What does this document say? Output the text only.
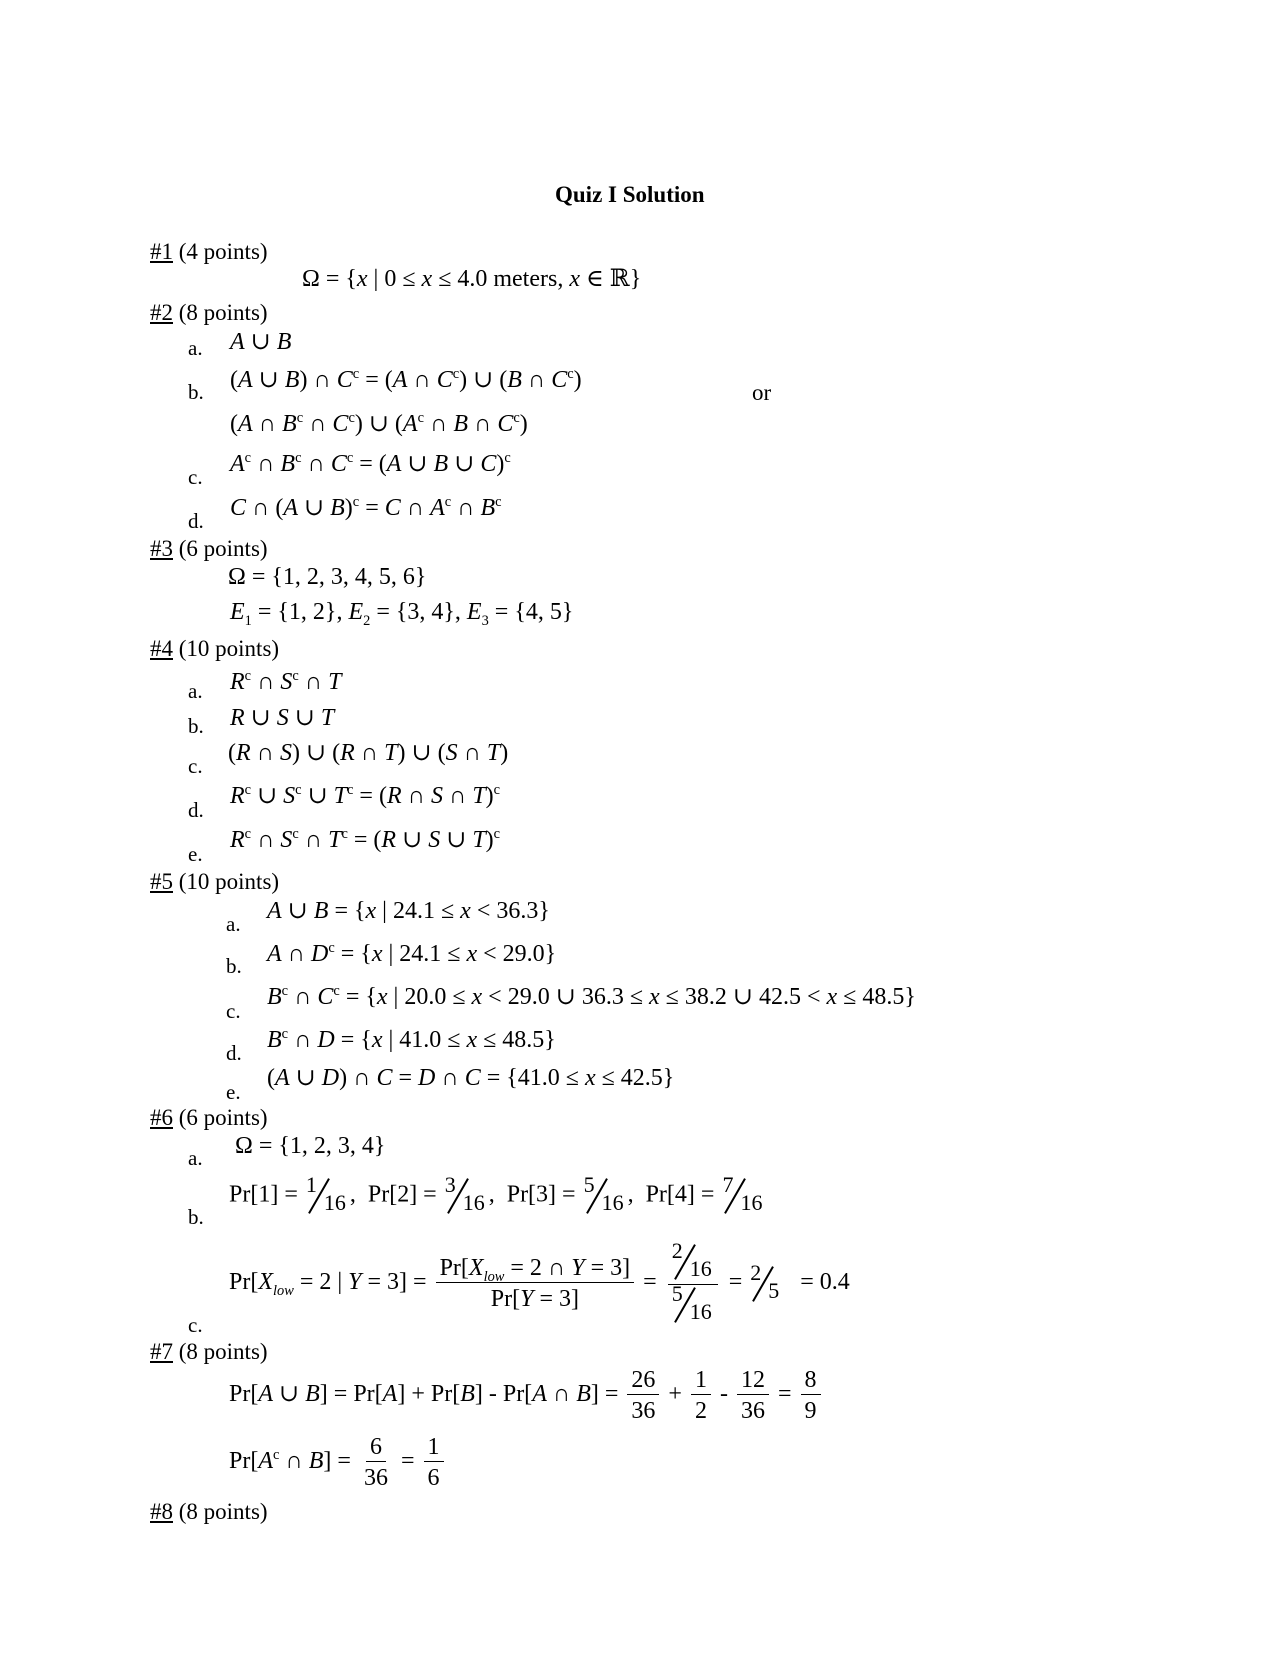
Quiz I Solution
#1 (4 points)
Ω = {x | 0 ≤ x ≤ 4.0 meters, x ∈ ℝ}
#2 (8 points)
a. A ∪ B
b. (A ∪ B) ∩ $C^c = (A$ ∩ $C^c$) ∪ (B ∩ $C^c$)	or
(A ∩ $B^c$ ∩ $C^c$) ∪ ($A^c$ ∩ B ∩ $C^c$)
c. $A^c$ ∩ $B^c$ ∩ $C^c = (A$ ∪ B ∪ C)$^c$
d. C ∩ (A ∪ B)$^c$ = C ∩ $A^c$ ∩ $B^c$
#3 (6 points)
Ω = {1, 2, 3, 4, 5, 6}
$E_1 = \{1$, 2}, $E_2 = \{3$, 4}, $E_3 = \{4$, 5}
#4 (10 points)
a. $R^c$ ∩ $S^c$ ∩ T
b. R ∪ S ∪ T
c. (R ∩ S) ∪ (R ∩ T) ∪ (S ∩ T)
d.
$R^c$ ∪ $S^c$ ∪ $T^c = (R$ ∩ S ∩ T)$^c$
e.
$R^c$ ∩ $S^c$ ∩ $T^c = (R$ ∪ S ∪ T)$^c$
#5 (10 points)
a. A ∪ B = {x | 24.1 ≤ x < 36.3}
b. A ∩ $D^c = \{x$ | 24.1 ≤ x < 29.0}
c.
$B^c$ ∩ $C^c = \{x$ | 20.0 ≤ x < 29.0 ∪ 36.3 ≤ x ≤ 38.2 ∪ 42.5 < x ≤ 48.5}
d. $B^c$ ∩ D = {x | 41.0 ≤ x ≤ 48.5}
e.
(A ∪ D) ∩ C = D ∩ C = {41.0 ≤ x ≤ 42.5}
#6 (6 points)
a. Ω = {1, 2, 3, 4}
b.
Pr[1] = 1
16 ,  Pr[2] = 3
16 ,  Pr[3] = 5
16 ,  Pr[4] = 7
16
$Pr[X_{low} = 2$ | $Y = 3] = \frac{Pr[X_{low} = 2 \cap Y = 3]}{Pr[Y = 3]} = 2$
16
5
16 = 2
5 = 0.4
c.
#7 (8 points)
Pr[A ∪ B] = Pr[A] + Pr[B] - Pr[A ∩ $B] = \frac{26}{36} + \frac{1}{2} - \frac{12}{36} = \frac{8}{9}$
$Pr[A^c$ ∩ $B] = \frac{6}{36} = \frac{1}{6}$
#8 (8 points)
